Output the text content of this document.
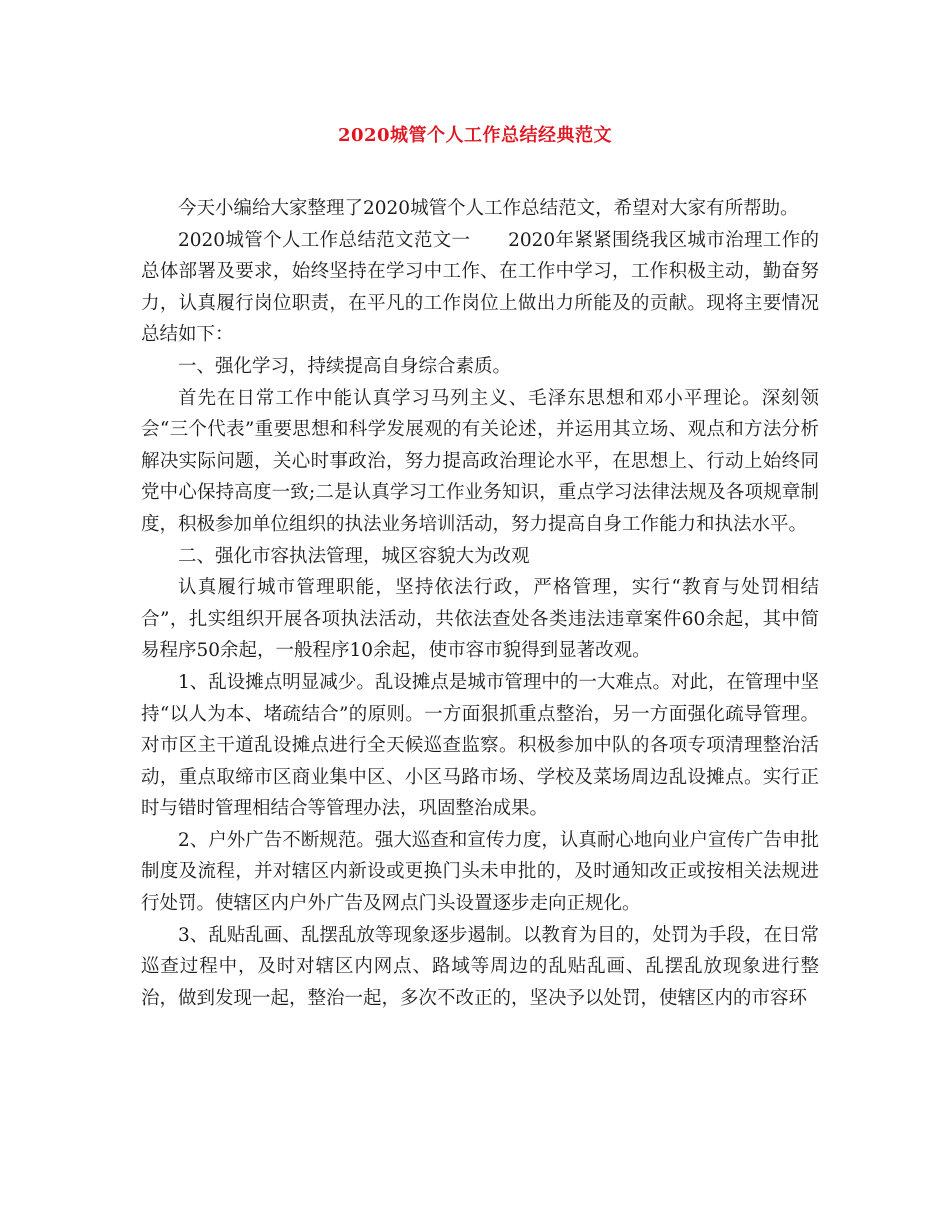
2020城管个人工作总结经典范文

今天小编给大家整理了2020城管个人工作总结范文，希望对大家有所帮助。

2020城管个人工作总结范文范文一　　2020年紧紧围绕我区城市治理工作的总体部署及要求，始终坚持在学习中工作、在工作中学习，工作积极主动，勤奋努力，认真履行岗位职责，在平凡的工作岗位上做出力所能及的贡献。现将主要情况总结如下：

一、强化学习，持续提高自身综合素质。

首先在日常工作中能认真学习马列主义、毛泽东思想和邓小平理论。深刻领会“三个代表”重要思想和科学发展观的有关论述，并运用其立场、观点和方法分析解决实际问题，关心时事政治，努力提高政治理论水平，在思想上、行动上始终同党中心保持高度一致;二是认真学习工作业务知识，重点学习法律法规及各项规章制度，积极参加单位组织的执法业务培训活动，努力提高自身工作能力和执法水平。

二、强化市容执法管理，城区容貌大为改观

认真履行城市管理职能，坚持依法行政，严格管理，实行“教育与处罚相结合”，扎实组织开展各项执法活动，共依法查处各类违法违章案件60余起，其中简易程序50余起，一般程序10余起，使市容市貌得到显著改观。

1、乱设摊点明显减少。乱设摊点是城市管理中的一大难点。对此，在管理中坚持“以人为本、堵疏结合”的原则。一方面狠抓重点整治，另一方面强化疏导管理。对市区主干道乱设摊点进行全天候巡查监察。积极参加中队的各项专项清理整治活动，重点取缔市区商业集中区、小区马路市场、学校及菜场周边乱设摊点。实行正时与错时管理相结合等管理办法，巩固整治成果。

2、户外广告不断规范。强大巡查和宣传力度，认真耐心地向业户宣传广告申批制度及流程，并对辖区内新设或更换门头未申批的，及时通知改正或按相关法规进行处罚。使辖区内户外广告及网点门头设置逐步走向正规化。

3、乱贴乱画、乱摆乱放等现象逐步遏制。以教育为目的，处罚为手段，在日常巡查过程中，及时对辖区内网点、路域等周边的乱贴乱画、乱摆乱放现象进行整治，做到发现一起，整治一起，多次不改正的，坚决予以处罚，使辖区内的市容环
